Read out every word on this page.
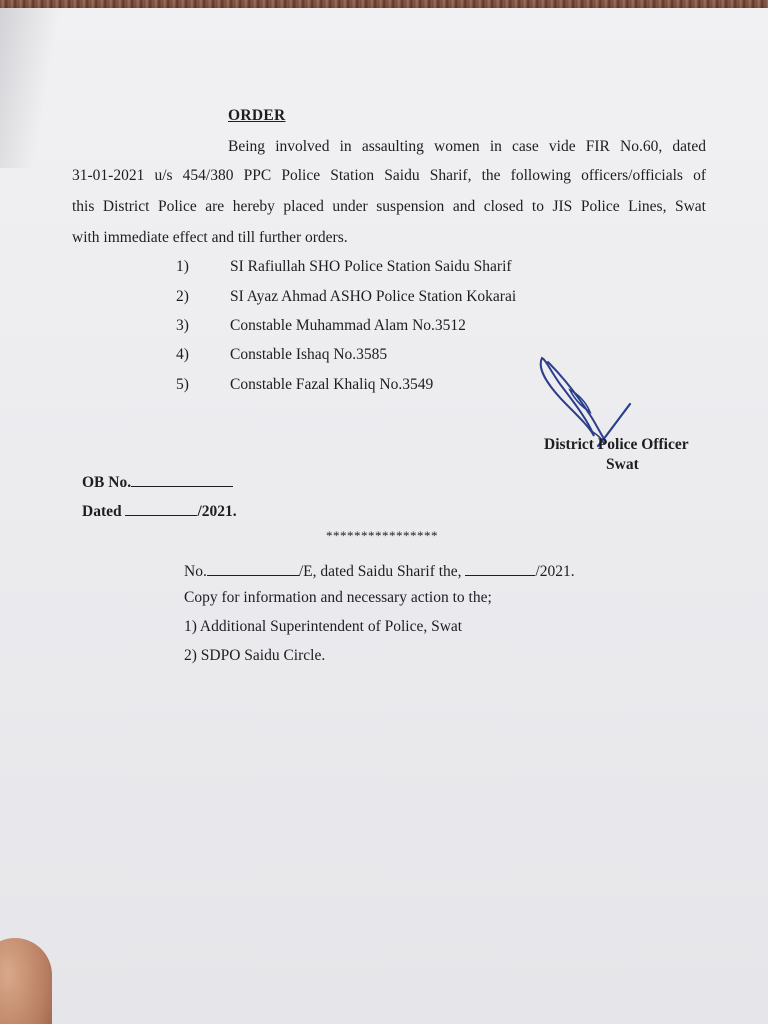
ORDER
Being involved in assaulting women in case vide FIR No.60, dated
31-01-2021 u/s 454/380 PPC Police Station Saidu Sharif, the following officers/officials of
this District Police are hereby placed under suspension and closed to JIS Police Lines, Swat
with immediate effect and till further orders.
1)	SI Rafiullah SHO Police Station Saidu Sharif
2)	SI Ayaz Ahmad ASHO Police Station Kokarai
3)	Constable Muhammad Alam No.3512
4)	Constable Ishaq No.3585
5)	Constable Fazal Khaliq No.3549
District Police Officer
Swat
OB No.
Dated	/2021.
****************
No.	/E, dated Saidu Sharif the,	/2021.
Copy for information and necessary action to the;
1) Additional Superintendent of Police, Swat
2) SDPO Saidu Circle.
